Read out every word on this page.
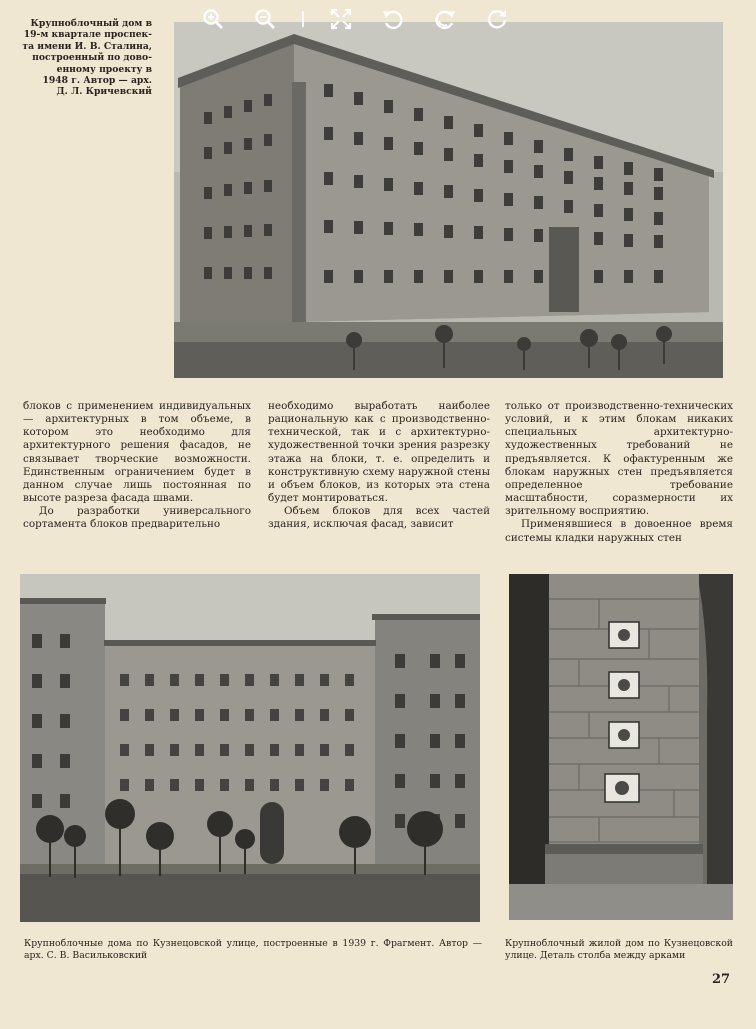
Крупноблочный дом в
19-м квартале проспек-
та имени И. В. Сталина,
построенный по дово-
енному проекту в
1948 г. Автор — арх.
Д. Л. Кричевский

блоков с применением индивидуальных — архитектурных в том объеме, в котором это необходимо для архитектурного решения фасадов, не связывает творческие возможности. Единственным ограничением будет в данном случае лишь постоянная по высоте разреза фасада швами.

До разработки универсального сортамента блоков предварительно

необходимо выработать наиболее рациональную как с производственно-технической, так и с архитектурно-художественной точки зрения разрезку этажа на блоки, т. е. определить и конструктивную схему наружной стены и объем блоков, из которых эта стена будет монтироваться.

Объем блоков для всех частей здания, исключая фасад, зависит

только от производственно-технических условий, и к этим блокам никаких специальных архитектурно-художественных требований не предъявляется. К офактуренным же блокам наружных стен предъявляется определенное требование масштабности, соразмерности их зрительному восприятию.

Применявшиеся в довоенное время системы кладки наружных стен

Крупноблочные дома по Кузнецовской улице, построенные в 1939 г. Фрагмент. Автор — арх. С. В. Васильковский
Крупноблочный жилой дом по Кузнецовской улице. Деталь столба между арками
27
